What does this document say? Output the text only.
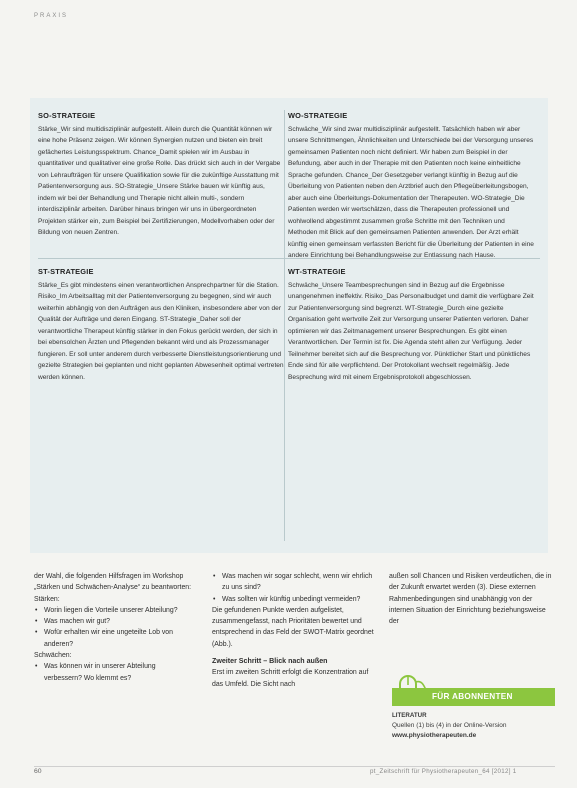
PRAXIS
SO-STRATEGIE

Stärke_Wir sind multidisziplinär aufgestellt. Allein durch die Quantität können wir eine hohe Präsenz zeigen. Wir können Synergien nutzen und bieten ein breit gefächertes Leistungsspektrum. Chance_Damit spielen wir im Ausbau in quantitativer und qualitativer eine große Rolle. Das drückt sich auch in der Vergabe von Lehraufträgen für unsere Qualifikation sowie für die zukünftige Ausstattung mit Patientenversorgung aus. SO-Strategie_Unsere Stärke bauen wir künftig aus, indem wir bei der Behandlung und Therapie nicht allein multi-, sondern interdisziplinär arbeiten. Darüber hinaus bringen wir uns in übergeordneten Projekten stärker ein, zum Beispiel bei Zertifizierungen, Modellvorhaben oder der Bildung von neuen Zentren.

WO-STRATEGIE

Schwäche_Wir sind zwar multidisziplinär aufgestellt. Tatsächlich haben wir aber unsere Schnittmengen, Ähnlichkeiten und Unterschiede bei der Versorgung unseres gemeinsamen Patienten noch nicht definiert. Wir haben zum Beispiel in der Befundung, aber auch in der Therapie mit den Patienten noch keine einheitliche Sprache gefunden. Chance_Der Gesetzgeber verlangt künftig in Bezug auf die Überleitung von Patienten neben den Arztbrief auch den Pflegeüberleitungsbogen, aber auch eine Überleitungs-Dokumentation der Therapeuten. WO-Strategie_Die Patienten werden wir wertschätzen, dass die Therapeuten professionell und wohlwollend abgestimmt zusammen große Schritte mit den Techniken und Methoden mit Blick auf den gemeinsamen Patienten anwenden. Der Arzt erhält künftig einen gemeinsam verfassten Bericht für die Überleitung der Patienten in eine andere Einrichtung bei Behandlungsweise zur Entlassung nach Hause.

ST-STRATEGIE

Stärke_Es gibt mindestens einen verantwortlichen Ansprechpartner für die Station. Risiko_Im Arbeitsalltag mit der Patientenversorgung zu begegnen, sind wir auch weiterhin abhängig von den Aufträgen aus den Kliniken, insbesondere aber von der Qualität der Aufträge und deren Eingang. ST-Strategie_Daher soll der verantwortliche Therapeut künftig stärker in den Fokus gerückt werden, der sich in bei ebensolchen Ärzten und Pflegenden bekannt wird und als Prozessmanager fungieren. Er soll unter anderem durch verbesserte Dienstleistungsorientierung und gezielte Strategien bei geplanten und nicht geplanten Abwesenheit optimal vertreten werden können.

WT-STRATEGIE

Schwäche_Unsere Teambesprechungen sind in Bezug auf die Ergebnisse unangenehmen ineffektiv. Risiko_Das Personalbudget und damit die verfügbare Zeit zur Patientenversorgung sind begrenzt. WT-Strategie_Durch eine gezielte Organisation geht wertvolle Zeit zur Versorgung unserer Patienten verloren. Daher optimieren wir das Zeitmanagement unserer Besprechungen. Es gibt einen Verantwortlichen. Der Termin ist fix. Die Agenda steht allen zur Verfügung. Jeder Teilnehmer bereitet sich auf die Besprechung vor. Pünktlicher Start und pünktliches Ende sind für alle verpflichtend. Der Protokollant wechselt regelmäßig. Jede Besprechung wird mit einem Ergebnisprotokoll abgeschlossen.

der Wahl, die folgenden Hilfsfragen im Workshop „Stärken und Schwächen-Analyse“ zu beantworten:

Stärken:

• Worin liegen die Vorteile unserer Abteilung?
• Was machen wir gut?
• Wofür erhalten wir eine ungeteilte Lob von anderen?

Schwächen:

• Was können wir in unserer Abteilung verbessern? Wo klemmt es?
• Was machen wir sogar schlecht, wenn wir ehrlich zu uns sind?
• Was sollten wir künftig unbedingt vermeiden?

Die gefundenen Punkte werden aufgelistet, zusammengefasst, nach Prioritäten bewertet und entsprechend in das Feld der SWOT-Matrix geordnet (Abb.).

Zweiter Schritt – Blick nach außen

Erst im zweiten Schritt erfolgt die Konzentration auf das Umfeld. Die Sicht nach

außen soll Chancen und Risiken verdeutlichen, die in der Zukunft erwartet werden (3). Diese externen Rahmenbedingungen sind unabhängig von der internen Situation der Einrichtung beziehungsweise der

FÜR ABONNENTEN
LITERATUR
Quellen (1) bis (4) in der Online-Version
www.physiotherapeuten.de
60	pt_Zeitschrift für Physiotherapeuten_64 [2012] 1
